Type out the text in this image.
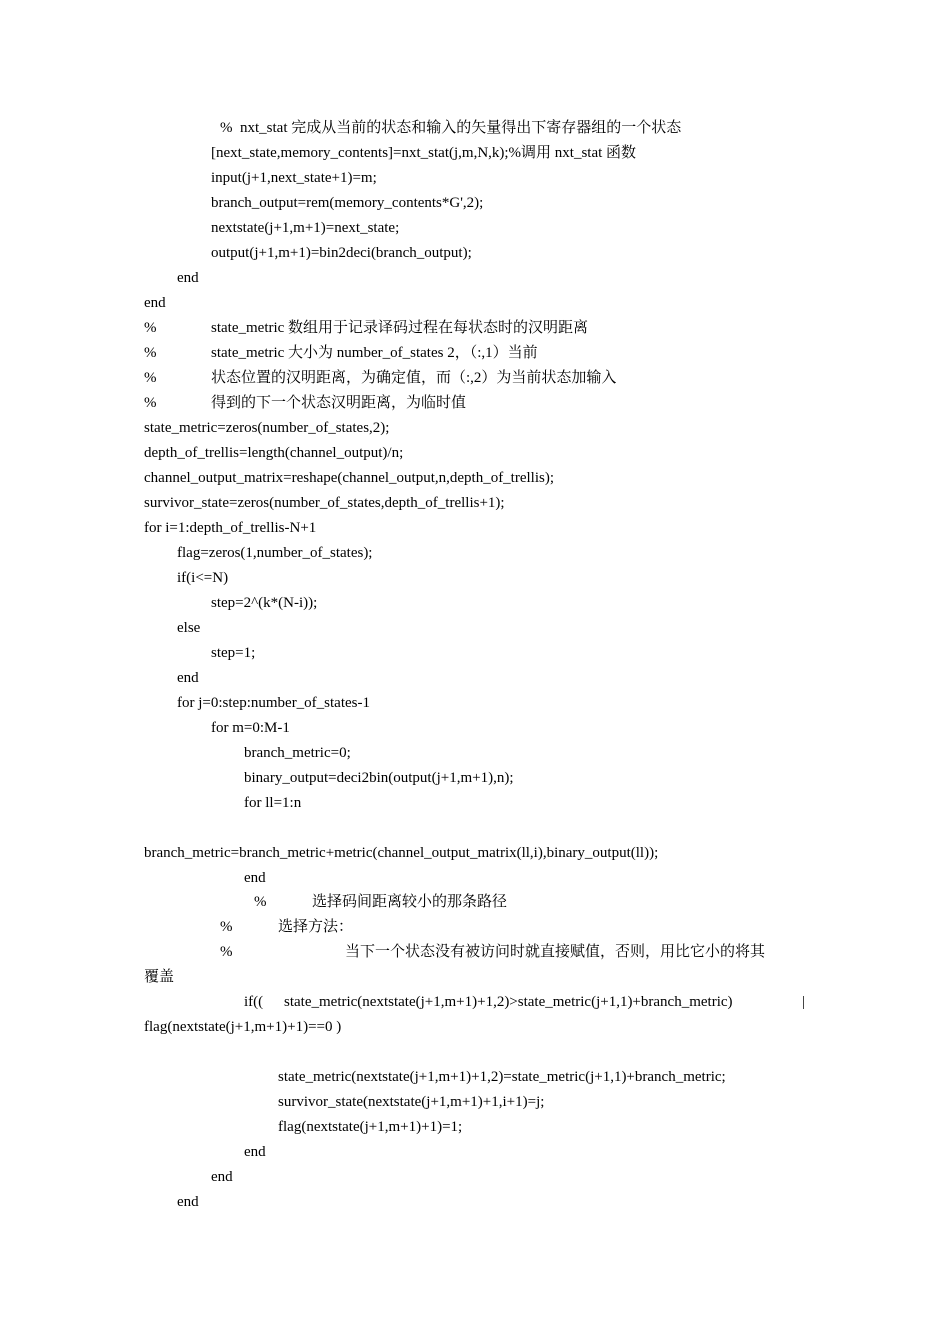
%  nxt_stat 完成从当前的状态和输入的矢量得出下寄存器组的一个状态
[next_state,memory_contents]=nxt_stat(j,m,N,k);%调用 nxt_stat 函数
input(j+1,next_state+1)=m;
branch_output=rem(memory_contents*G',2);
nextstate(j+1,m+1)=next_state;
output(j+1,m+1)=bin2deci(branch_output);
end
end
%	state_metric 数组用于记录译码过程在每状态时的汉明距离
%	state_metric 大小为 number_of_states 2，（:,1）当前
%	状态位置的汉明距离，为确定值，而（:,2）为当前状态加输入
%	得到的下一个状态汉明距离，为临时值
state_metric=zeros(number_of_states,2);
depth_of_trellis=length(channel_output)/n;
channel_output_matrix=reshape(channel_output,n,depth_of_trellis);
survivor_state=zeros(number_of_states,depth_of_trellis+1);
for i=1:depth_of_trellis-N+1
flag=zeros(1,number_of_states);
if(i<=N)
step=2^(k*(N-i));
else
step=1;
end
for j=0:step:number_of_states-1
for m=0:M-1
branch_metric=0;
binary_output=deci2bin(output(j+1,m+1),n);
for ll=1:n
branch_metric=branch_metric+metric(channel_output_matrix(ll,i),binary_output(ll));
end
%	选择码间距离较小的那条路径
%	选择方法：
%	当下一个状态没有被访问时就直接赋值，否则，用比它小的将其
覆盖
if(( state_metric(nextstate(j+1,m+1)+1,2)>state_metric(j+1,1)+branch_metric)	|
flag(nextstate(j+1,m+1)+1)==0 )
state_metric(nextstate(j+1,m+1)+1,2)=state_metric(j+1,1)+branch_metric;
survivor_state(nextstate(j+1,m+1)+1,i+1)=j;
flag(nextstate(j+1,m+1)+1)=1;
end
end
end
